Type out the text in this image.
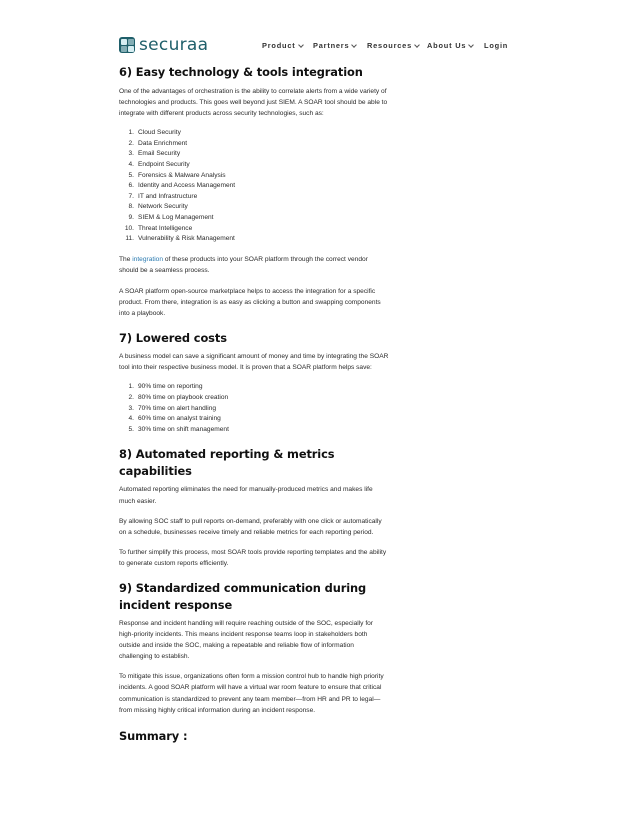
securaa	Product Partners Resources About Us Login
6) Easy technology & tools integration

One of the advantages of orchestration is the ability to correlate alerts from a wide variety of technologies and products. This goes well beyond just SIEM. A SOAR tool should be able to integrate with different products across security technologies, such as:

1. Cloud Security
2. Data Enrichment
3. Email Security
4. Endpoint Security
5. Forensics & Malware Analysis
6. Identity and Access Management
7. IT and Infrastructure
8. Network Security
9. SIEM & Log Management
10. Threat Intelligence
11. Vulnerability & Risk Management

The integration of these products into your SOAR platform through the correct vendor should be a seamless process.

A SOAR platform open-source marketplace helps to access the integration for a specific product. From there, integration is as easy as clicking a button and swapping components into a playbook.

7) Lowered costs

A business model can save a significant amount of money and time by integrating the SOAR tool into their respective business model. It is proven that a SOAR platform helps save:

1. 90% time on reporting
2. 80% time on playbook creation
3. 70% time on alert handling
4. 60% time on analyst training
5. 30% time on shift management
8) Automated reporting & metrics capabilities

Automated reporting eliminates the need for manually-produced metrics and makes life much easier.

By allowing SOC staff to pull reports on-demand, preferably with one click or automatically on a schedule, businesses receive timely and reliable metrics for each reporting period.

To further simplify this process, most SOAR tools provide reporting templates and the ability to generate custom reports efficiently.

9) Standardized communication during incident response

Response and incident handling will require reaching outside of the SOC, especially for high-priority incidents. This means incident response teams loop in stakeholders both outside and inside the SOC, making a repeatable and reliable flow of information challenging to establish.

To mitigate this issue, organizations often form a mission control hub to handle high priority incidents. A good SOAR platform will have a virtual war room feature to ensure that critical communication is standardized to prevent any team member—from HR and PR to legal—from missing highly critical information during an incident response.

Summary :
